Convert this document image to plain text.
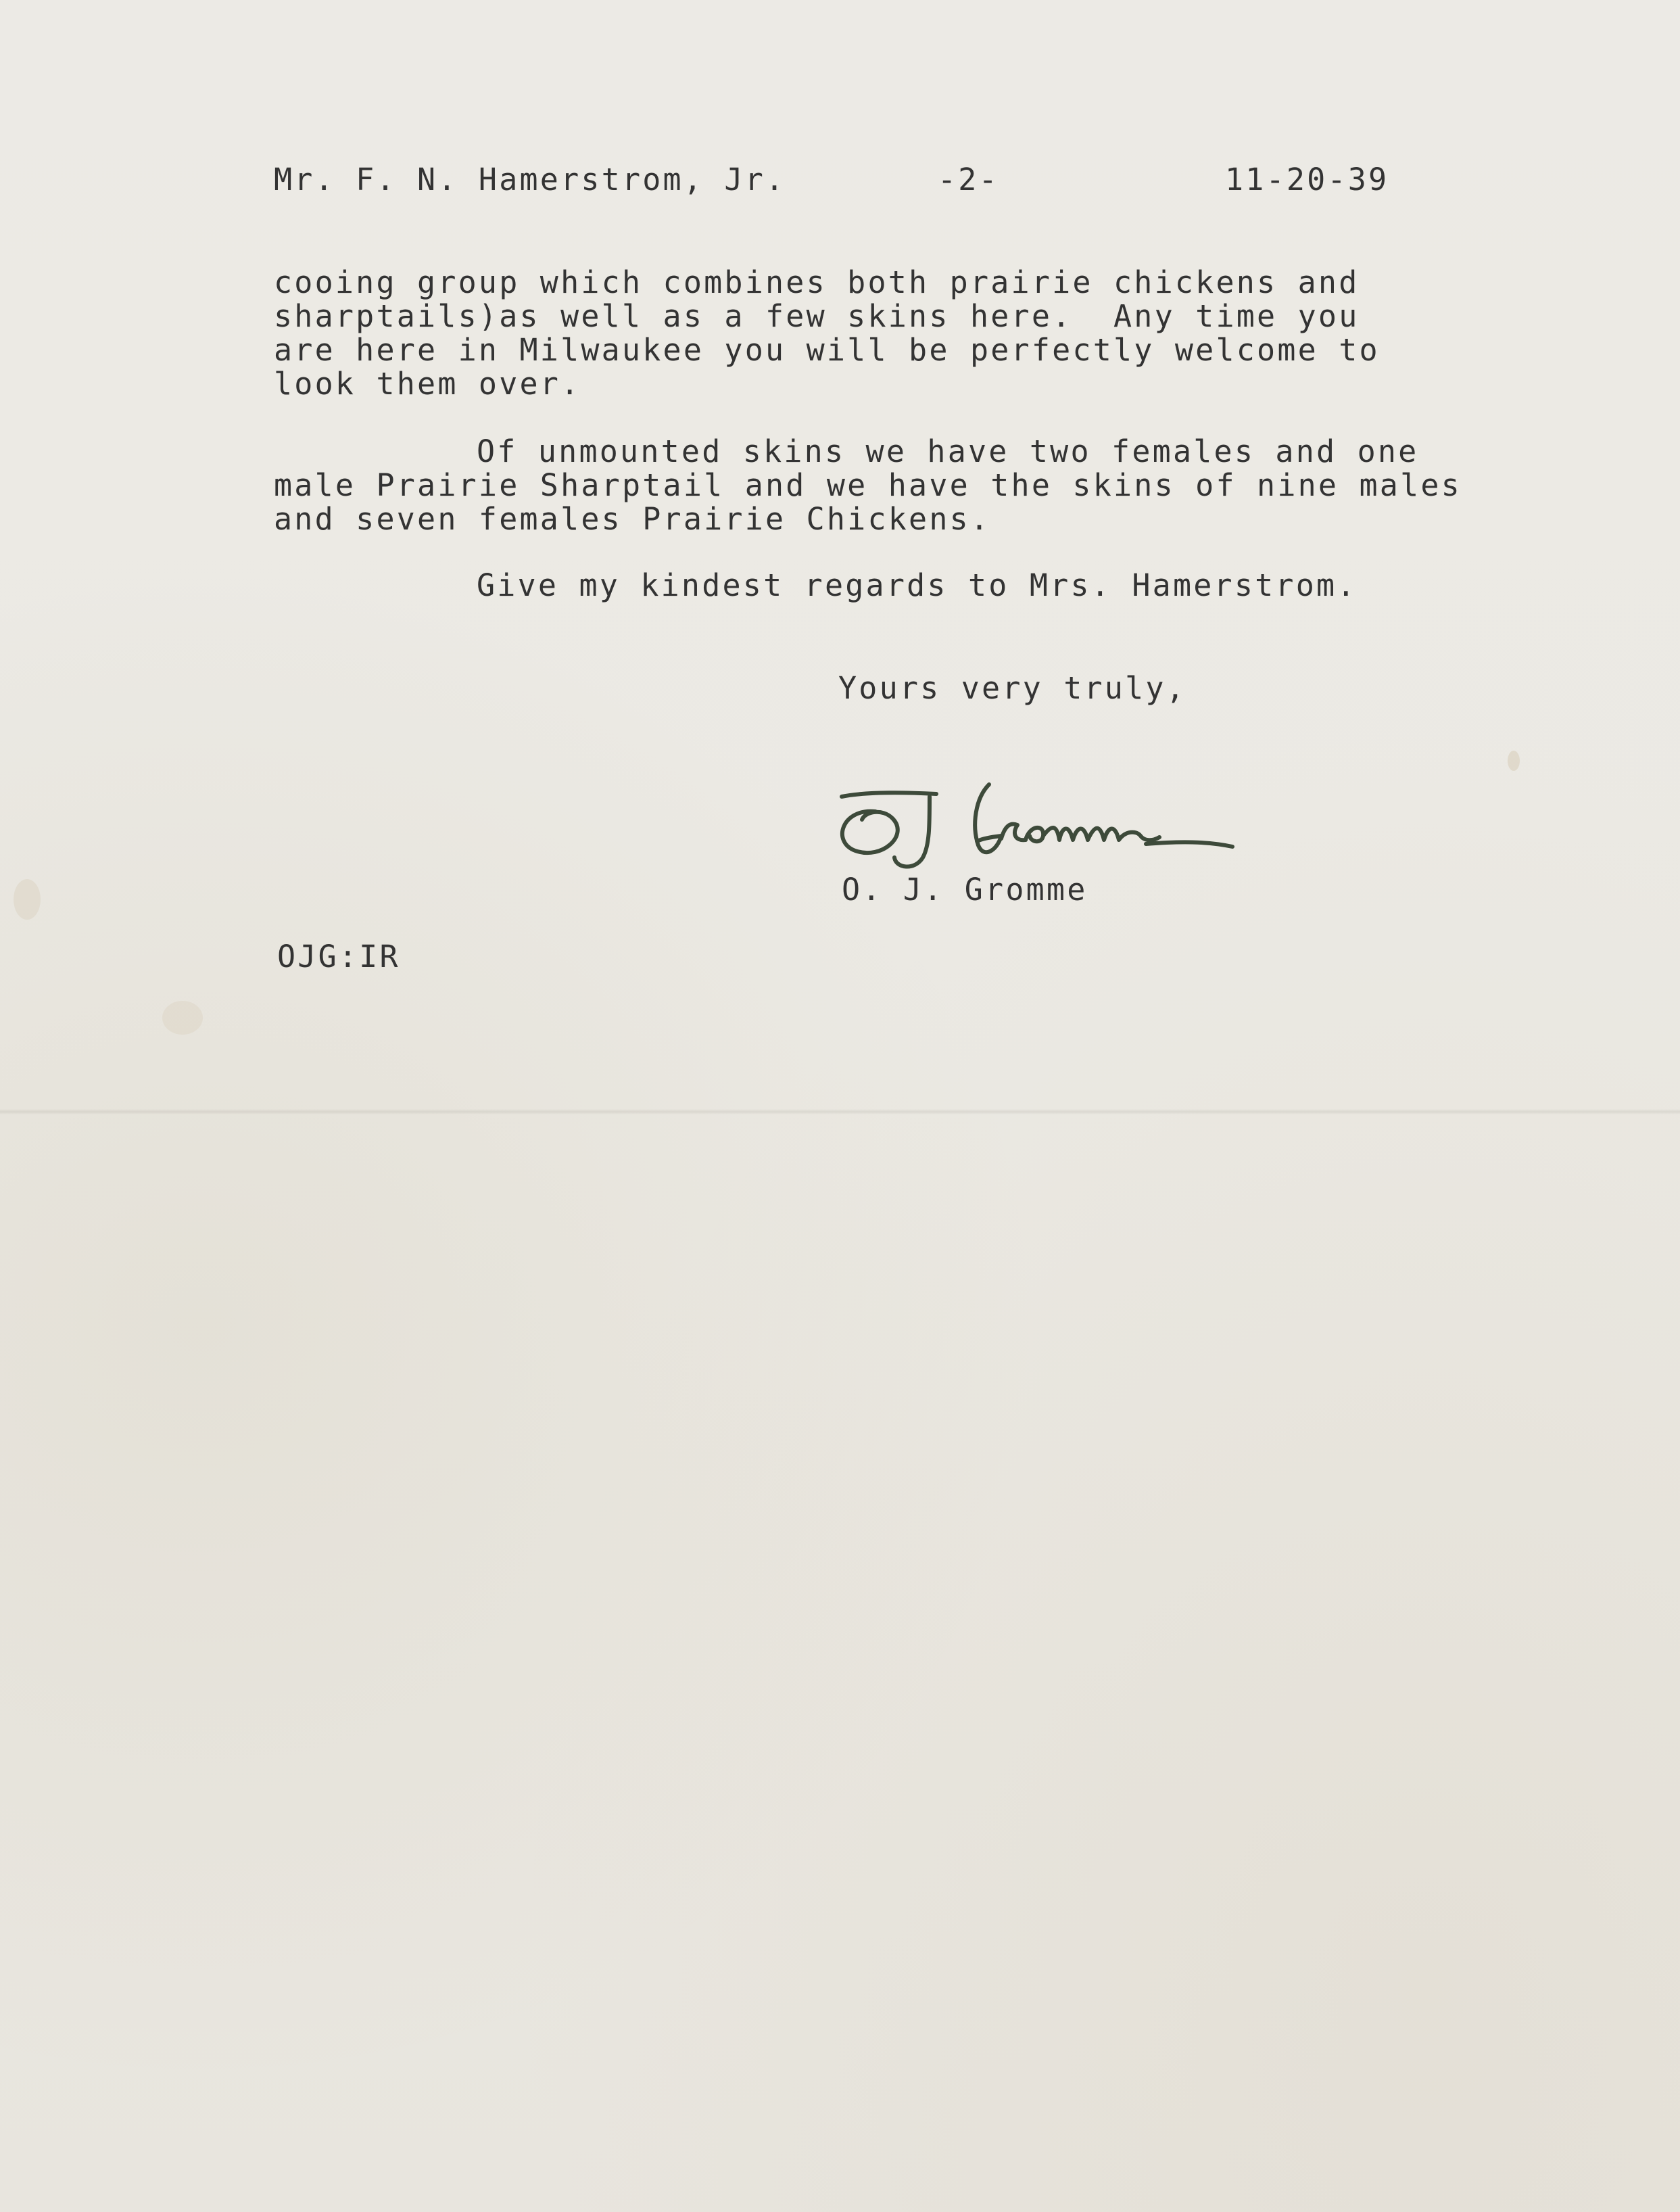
Mr. F. N. Hamerstrom, Jr.	-2-	11-20-39
cooing group which combines both prairie chickens and
sharptails)as well as a few skins here.  Any time you
are here in Milwaukee you will be perfectly welcome to
look them over.
Of unmounted skins we have two females and one
male Prairie Sharptail and we have the skins of nine males
and seven females Prairie Chickens.
Give my kindest regards to Mrs. Hamerstrom.
Yours very truly,
O. J. Gromme
OJG:IR
